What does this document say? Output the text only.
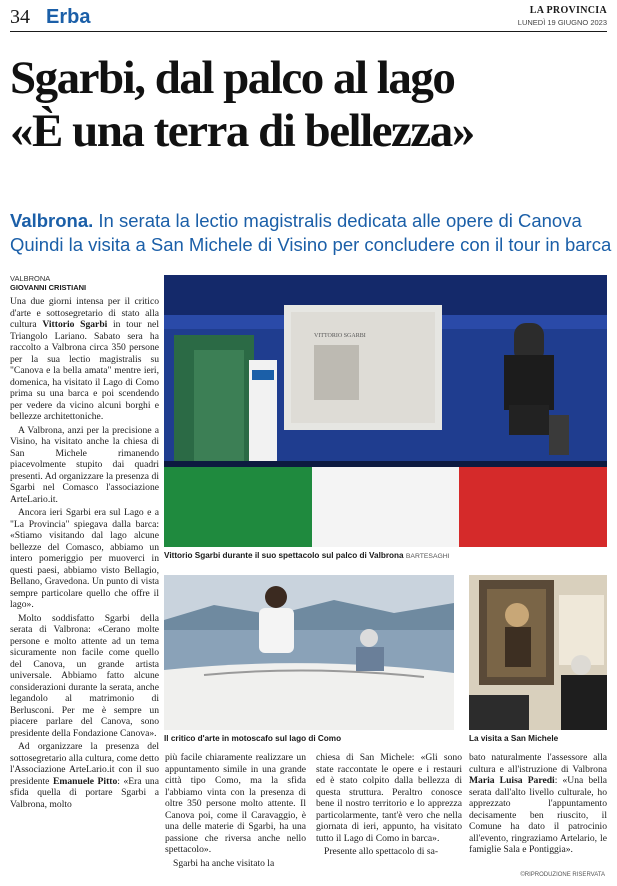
34 Erba	LA PROVINCIA
LUNEDÌ 19 GIUGNO 2023
Sgarbi, dal palco al lago
«È una terra di bellezza»
Valbrona. In serata la lectio magistralis dedicata alle opere di Canova
Quindi la visita a San Michele di Visino per concludere con il tour in barca
VALBRONA
GIOVANNI CRISTIANI

Una due giorni intensa per il critico d'arte e sottosegretario di stato alla cultura Vittorio Sgarbi in tour nel Triangolo Lariano. Sabato sera ha raccolto a Valbrona circa 350 persone per la sua lectio magistralis su "Canova e la bella amata" mentre ieri, domenica, ha visitato il Lago di Como prima su una barca e poi scendendo per vedere da vicino alcuni borghi e bellezze architettoniche.

A Valbrona, anzi per la precisione a Visino, ha visitato anche la chiesa di San Michele rimanendo piacevolmente stupito dai quadri presenti. Ad organizzare la presenza di Sgarbi nel Comasco l'associazione ArteLario.it.

Ancora ieri Sgarbi era sul Lago e a "La Provincia" spiegava dalla barca: «Stiamo visitando dal lago alcune bellezze del Comasco, abbiamo un intero pomeriggio per muoverci in questi paesi, abbiamo visto Bellagio, Bellano, Gravedona. Un punto di vista sempre particolare quello che offre il lago».

Molto soddisfatto Sgarbi della serata di Valbrona: «Cerano molte persone e molto attente ad un tema sicuramente non facile come quello del Canova, un grande artista universale. Abbiamo fatto alcune considerazioni durante la serata, anche legandolo al matrimonio di Berlusconi. Per me è sempre un piacere parlare del Canova, sono presidente della Fondazione Canova».

Ad organizzare la presenza del sottosegretario alla cultura, come detto l'Associazione ArteLario.it con il suo presidente Emanuele Pitto: «Era una sfida quella di portare Sgarbi a Valbrona, molto

VITTORIO SGARBI
Vittorio Sgarbi durante il suo spettacolo sul palco di Valbrona BARTESAGHI
Il critico d'arte in motoscafo sul lago di Como	La visita a San Michele

più facile chiaramente realizzare un appuntamento simile in una grande città tipo Como, ma la sfida l'abbiamo vinta con la presenza di oltre 350 persone molto attente. Il Canova poi, come il Caravaggio, è una delle materie di Sgarbi, ha una passione che riversa anche nello spettacolo».

Sgarbi ha anche visitato la

chiesa di San Michele: «Gli sono state raccontate le opere e i restauri ed è stato colpito dalla bellezza di questa struttura. Peraltro conosce bene il nostro territorio e lo apprezza particolarmente, tant'è vero che nella giornata di ieri, appunto, ha visitato tutto il Lago di Como in barca».

Presente allo spettacolo di sa-

bato naturalmente l'assessore alla cultura e all'istruzione di Valbrona Maria Luisa Paredi: «Una bella serata dall'alto livello culturale, ho apprezzato l'appuntamento decisamente ben riuscito, il Comune ha dato il patrocinio all'evento, ringraziamo Artelario, le famiglie Sala e Pontiggia».

©RIPRODUZIONE RISERVATA
